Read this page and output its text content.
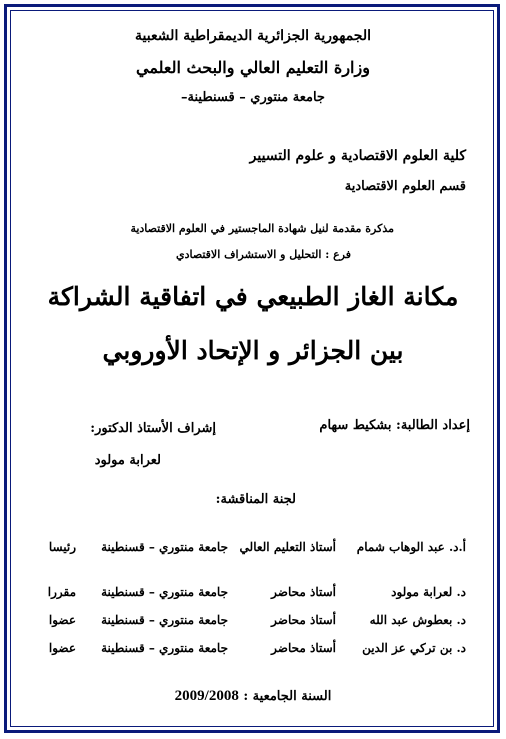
الجمهورية الجزائرية الديمقراطية الشعبية
وزارة التعليم العالي والبحث العلمي
جامعة منتوري – قسنطينة–
كلية العلوم الاقتصادية و علوم التسيير
قسم العلوم الاقتصادية
مذكرة مقدمة لنيل شهادة الماجستير في العلوم الاقتصادية
فرع : التحليل و الاستشراف الاقتصادي
مكانة الغاز الطبيعي في اتفاقية الشراكة
بين الجزائر و الإتحاد الأوروبي
إعداد الطالبة: بشكيط سهام
إشراف الأستاذ الدكتور:
لعرابة مولود
لجنة المناقشة:
أ.د. عبد الوهاب شمام
أستاذ التعليم العالي
جامعة منتوري – قسنطينة
رئيسا
د. لعرابة مولود
أستاذ محاضر
جامعة منتوري – قسنطينة
مقررا
د. بعطوش عبد الله
أستاذ محاضر
جامعة منتوري – قسنطينة
عضوا
د. بن تركي عز الدين
أستاذ محاضر
جامعة منتوري – قسنطينة
عضوا
السنة الجامعية : 2009/2008
